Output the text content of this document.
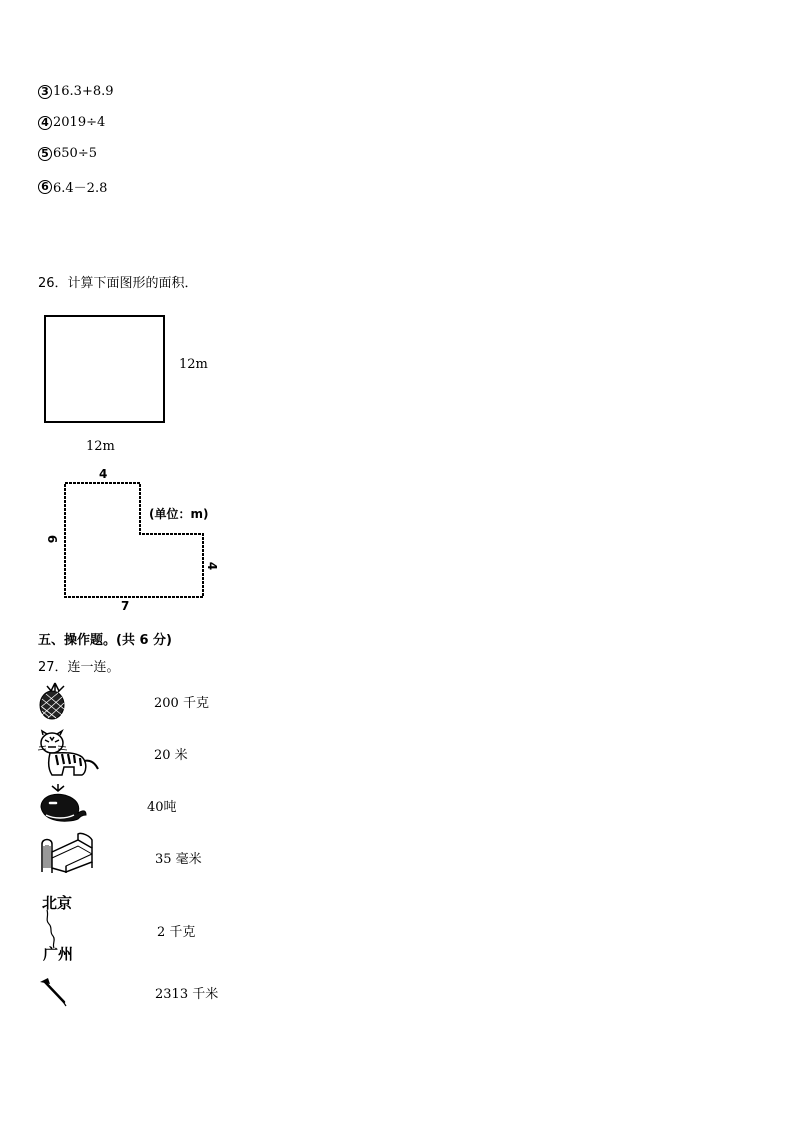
3 16.3+8.9
4 2019÷4
5 650÷5
6 6.4－2.8
26．计算下面图形的面积．
12m
12m
4
6
(单位：m)
4
7
五、操作题。(共 6 分)
27．连一连。
200 千克
20 米
40吨
35 毫米
北京
广州
2 千克
2313 千米
